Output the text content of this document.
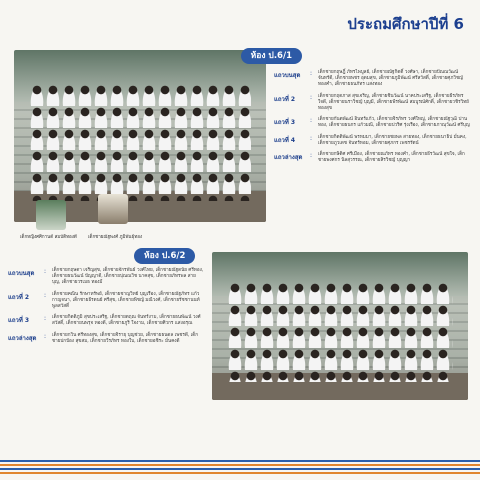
ประถมศึกษาปีที่ 6
ห้อง ป.6/1
เด็กหญิงศศิกานต์ สมบัติทองดี เด็กชายณัฐพงศ์ ภูมิพันธุ์ทอง
แถวบนสุด	: เด็กชายกฤษฎิ์ ภัทรไพบูลย์, เด็กชายณัฐกิตติ์ วงศ์ษา, เด็กชายปัณณวัฒน์ จันทร์ดี, เด็กชายพชร อุดมสุข, เด็กชายภูมิพัฒน์ ศรีสวัสดิ์, เด็กชายศุภวิชญ์ ทองคำ, เด็กชายธนภัทร แสงทอง
แถวที่ 2	: เด็กชายกฤตภาส สุขเจริญ, เด็กชายชินวัฒน์ นาคประเสริฐ, เด็กชายธีรภัทร ใจดี, เด็กชายนราวิชญ์ บุญมี, เด็กชายพีรพัฒน์ สมบูรณ์ศักดิ์, เด็กชายวชิรวิทย์ ทองสุข
แถวที่ 3	: เด็กชายกันตพัฒน์ อินทร์แก้ว, เด็กชายจิรภัทร วงศ์ใหญ่, เด็กชายณัฐวุฒิ ปานทอง, เด็กชายธนกร แก้วมณี, เด็กชายปวริศ รุ่งเรือง, เด็กชายภาณุวัฒน์ ศรีบุญ
แถวที่ 4	: เด็กชายกิตติพัฒน์ พรหมมา, เด็กชายชยพล สายทอง, เด็กชายธนาธิป มั่นคง, เด็กชายภูวเดช จันทร์หอม, เด็กชายศุภกร เพชรรัตน์
แถวล่างสุด	: เด็กชายกษิดิศ ศรีเมือง, เด็กชายณภัทร ทองคำ, เด็กชายธีรวัฒน์ สุขใจ, เด็กชายพงศกร นิลสุวรรณ, เด็กชายสิรวิชญ์ บุญญา
ห้อง ป.6/2
แถวบนสุด	: เด็กชายกฤษดา เจริญสุข, เด็กชายจักรพันธ์ วงศ์ไทย, เด็กชายณัฐดนัย ศรีทอง, เด็กชายธนวัฒน์ ปัญญาดี, เด็กชายปุณณวิช นาคสุข, เด็กชายภัทรพล สายบุญ, เด็กชายวรเมธ ทองมี
แถวที่ 2	: เด็กชายคณิน รักษาทรัพย์, เด็กชายชาญวิทย์ บุญเรือง, เด็กชายณัฐภัทร แก้วกาญจนา, เด็กชายธีรดนย์ ศรีสุข, เด็กชายพิชญ์ มณีวงศ์, เด็กชายรัชชานนท์ พูลสวัสดิ์
แถวที่ 3	: เด็กชายกิตติภูมิ สุขประเสริฐ, เด็กชายตฤณ จันทร์งาม, เด็กชายธนพัฒน์ วงศ์สวัสดิ์, เด็กชายนพรุจ ทองดี, เด็กชายภูริ ใจงาม, เด็กชายศิวกร แสงอรุณ
แถวล่างสุด	: เด็กชายกวิน ศรีทองสุข, เด็กชายจิรายุ บุญช่วย, เด็กชายธนดล เพชรดี, เด็กชายปกป้อง สุขสม, เด็กชายวีรภัทร ทองใบ, เด็กชายอชิระ มั่นคงดี
